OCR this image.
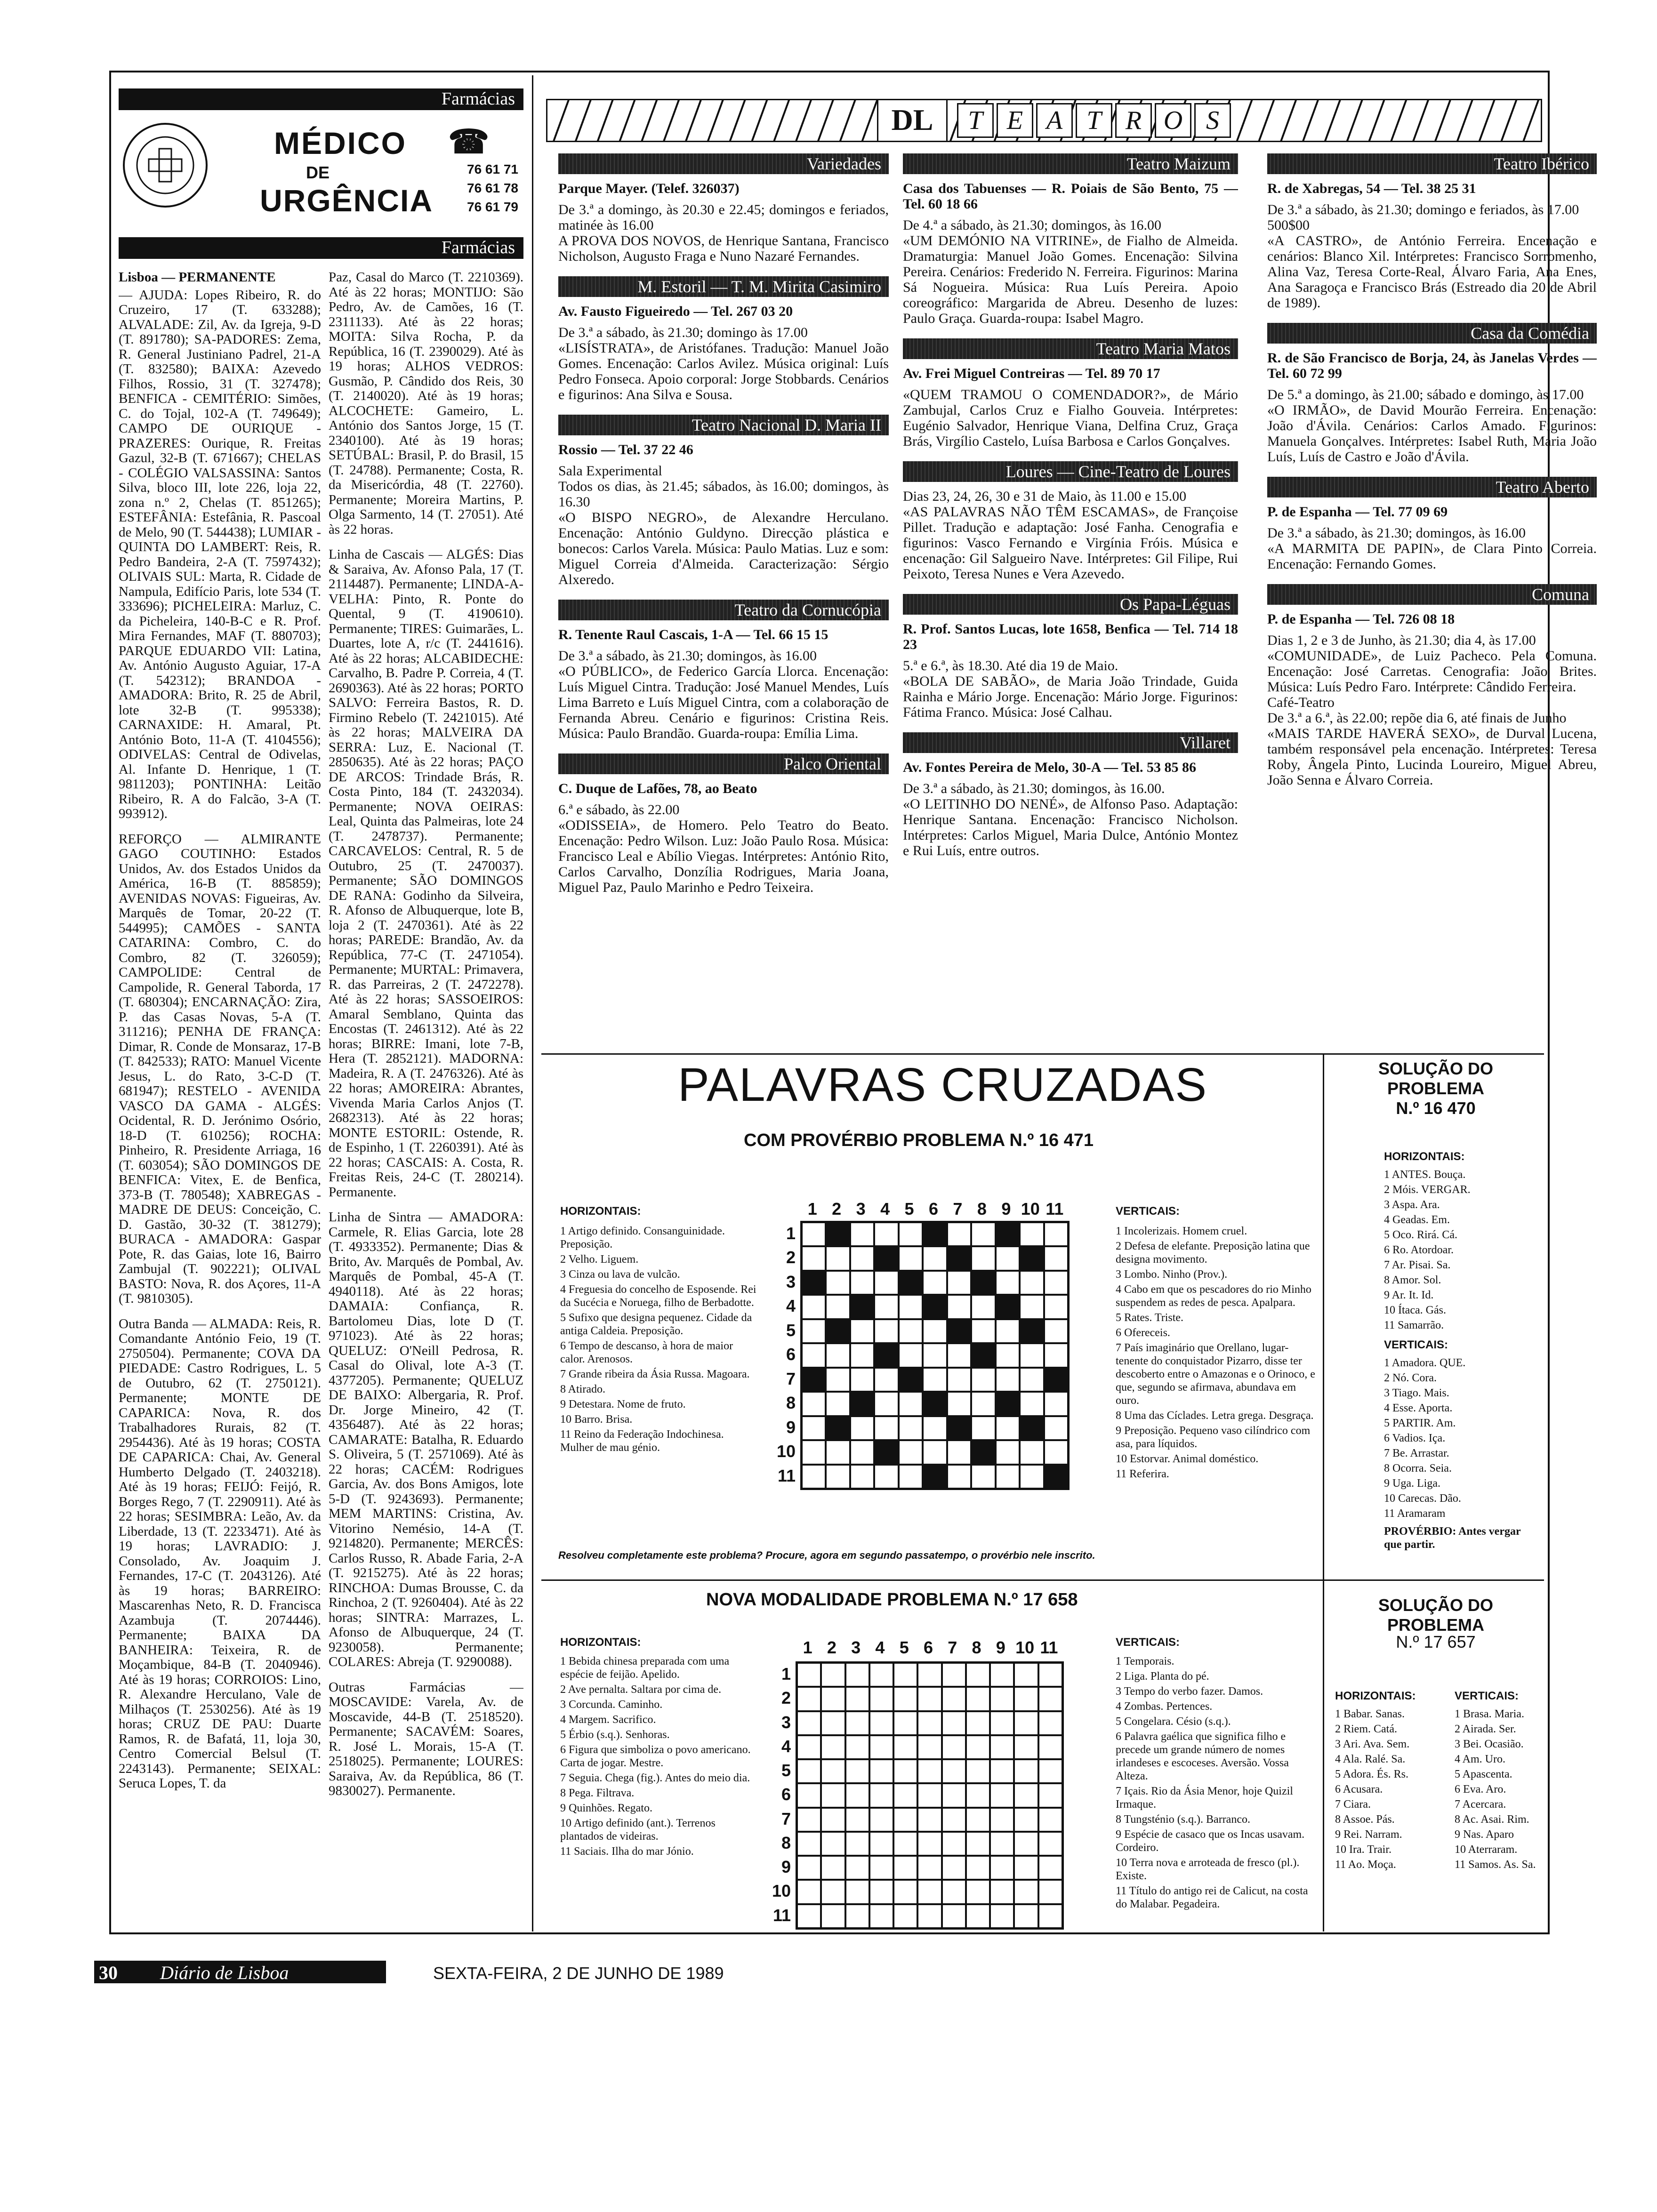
Farmácias
MÉDICO ☎
DE
URGÊNCIA
76 61 71
76 61 78
76 61 79
Farmácias

Lisboa — PERMANENTE

— AJUDA: Lopes Ribeiro, R. do Cruzeiro, 17 (T. 633288); ALVALADE: Zil, Av. da Igreja, 9-D (T. 891780); SA-PADORES: Zema, R. General Justiniano Padrel, 21-A (T. 832580); BAIXA: Azevedo Filhos, Rossio, 31 (T. 327478); BENFICA - CEMITÉRIO: Simões, C. do Tojal, 102-A (T. 749649); CAMPO DE OURIQUE - PRAZERES: Ourique, R. Freitas Gazul, 32-B (T. 671667); CHELAS - COLÉGIO VALSASSINA: Santos Silva, bloco III, lote 226, loja 22, zona n.º 2, Chelas (T. 851265); ESTEFÂNIA: Estefânia, R. Pascoal de Melo, 90 (T. 544438); LUMIAR - QUINTA DO LAMBERT: Reis, R. Pedro Bandeira, 2-A (T. 7597432); OLIVAIS SUL: Marta, R. Cidade de Nampula, Edifício Paris, lote 534 (T. 333696); PICHELEIRA: Marluz, C. da Picheleira, 140-B-C e R. Prof. Mira Fernandes, MAF (T. 880703); PARQUE EDUARDO VII: Latina, Av. António Augusto Aguiar, 17-A (T. 542312); BRANDOA - AMADORA: Brito, R. 25 de Abril, lote 32-B (T. 995338); CARNAXIDE: H. Amaral, Pt. António Boto, 11-A (T. 4104556); ODIVELAS: Central de Odivelas, Al. Infante D. Henrique, 1 (T. 9811203); PONTINHA: Leitão Ribeiro, R. A do Falcão, 3-A (T. 993912).

REFORÇO — ALMIRANTE GAGO COUTINHO: Estados Unidos, Av. dos Estados Unidos da América, 16-B (T. 885859); AVENIDAS NOVAS: Figueiras, Av. Marquês de Tomar, 20-22 (T. 544995); CAMÕES - SANTA CATARINA: Combro, C. do Combro, 82 (T. 326059); CAMPOLIDE: Central de Campolide, R. General Taborda, 17 (T. 680304); ENCARNAÇÃO: Zira, P. das Casas Novas, 5-A (T. 311216); PENHA DE FRANÇA: Dimar, R. Conde de Monsaraz, 17-B (T. 842533); RATO: Manuel Vicente Jesus, L. do Rato, 3-C-D (T. 681947); RESTELO - AVENIDA VASCO DA GAMA - ALGÉS: Ocidental, R. D. Jerónimo Osório, 18-D (T. 610256); ROCHA: Pinheiro, R. Presidente Arriaga, 16 (T. 603054); SÃO DOMINGOS DE BENFICA: Vitex, E. de Benfica, 373-B (T. 780548); XABREGAS - MADRE DE DEUS: Conceição, C. D. Gastão, 30-32 (T. 381279); BURACA - AMADORA: Gaspar Pote, R. das Gaias, lote 16, Bairro Zambujal (T. 902221); OLIVAL BASTO: Nova, R. dos Açores, 11-A (T. 9810305).

Outra Banda — ALMADA: Reis, R. Comandante António Feio, 19 (T. 2750504). Permanente; COVA DA PIEDADE: Castro Rodrigues, L. 5 de Outubro, 62 (T. 2750121). Permanente; MONTE DE CAPARICA: Nova, R. dos Trabalhadores Rurais, 82 (T. 2954436). Até às 19 horas; COSTA DE CAPARICA: Chai, Av. General Humberto Delgado (T. 2403218). Até às 19 horas; FEIJÓ: Feijó, R. Borges Rego, 7 (T. 2290911). Até às 22 horas; SESIMBRA: Leão, Av. da Liberdade, 13 (T. 2233471). Até às 19 horas; LAVRADIO: J. Consolado, Av. Joaquim J. Fernandes, 17-C (T. 2043126). Até às 19 horas; BARREIRO: Mascarenhas Neto, R. D. Francisca Azambuja (T. 2074446). Permanente; BAIXA DA BANHEIRA: Teixeira, R. de Moçambique, 84-B (T. 2040946). Até às 19 horas; CORROIOS: Lino, R. Alexandre Herculano, Vale de Milhaços (T. 2530256). Até às 19 horas; CRUZ DE PAU: Duarte Ramos, R. de Bafatá, 11, loja 30, Centro Comercial Belsul (T. 2243143). Permanente; SEIXAL: Seruca Lopes, T. da

Paz, Casal do Marco (T. 2210369). Até às 22 horas; MONTIJO: São Pedro, Av. de Camões, 16 (T. 2311133). Até às 22 horas; MOITA: Silva Rocha, P. da República, 16 (T. 2390029). Até às 19 horas; ALHOS VEDROS: Gusmão, P. Cândido dos Reis, 30 (T. 2140020). Até às 19 horas; ALCOCHETE: Gameiro, L. António dos Santos Jorge, 15 (T. 2340100). Até às 19 horas; SETÚBAL: Brasil, P. do Brasil, 15 (T. 24788). Permanente; Costa, R. da Misericórdia, 48 (T. 22760). Permanente; Moreira Martins, P. Olga Sarmento, 14 (T. 27051). Até às 22 horas.

Linha de Cascais — ALGÉS: Dias & Saraiva, Av. Afonso Pala, 17 (T. 2114487). Permanente; LINDA-A-VELHA: Pinto, R. Ponte do Quental, 9 (T. 4190610). Permanente; TIRES: Guimarães, L. Duartes, lote A, r/c (T. 2441616). Até às 22 horas; ALCABIDECHE: Carvalho, B. Padre P. Correia, 4 (T. 2690363). Até às 22 horas; PORTO SALVO: Ferreira Bastos, R. D. Firmino Rebelo (T. 2421015). Até às 22 horas; MALVEIRA DA SERRA: Luz, E. Nacional (T. 2850635). Até às 22 horas; PAÇO DE ARCOS: Trindade Brás, R. Costa Pinto, 184 (T. 2432034). Permanente; NOVA OEIRAS: Leal, Quinta das Palmeiras, lote 24 (T. 2478737). Permanente; CARCAVELOS: Central, R. 5 de Outubro, 25 (T. 2470037). Permanente; SÃO DOMINGOS DE RANA: Godinho da Silveira, R. Afonso de Albuquerque, lote B, loja 2 (T. 2470361). Até às 22 horas; PAREDE: Brandão, Av. da República, 77-C (T. 2471054). Permanente; MURTAL: Primavera, R. das Parreiras, 2 (T. 2472278). Até às 22 horas; SASSOEIROS: Amaral Semblano, Quinta das Encostas (T. 2461312). Até às 22 horas; BIRRE: Imani, lote 7-B, Hera (T. 2852121). MADORNA: Madeira, R. A (T. 2476326). Até às 22 horas; AMOREIRA: Abrantes, Vivenda Maria Carlos Anjos (T. 2682313). Até às 22 horas; MONTE ESTORIL: Ostende, R. de Espinho, 1 (T. 2260391). Até às 22 horas; CASCAIS: A. Costa, R. Freitas Reis, 24-C (T. 280214). Permanente.

Linha de Sintra — AMADORA: Carmele, R. Elias Garcia, lote 28 (T. 4933352). Permanente; Dias & Brito, Av. Marquês de Pombal, Av. Marquês de Pombal, 45-A (T. 4940118). Até às 22 horas; DAMAIA: Confiança, R. Bartolomeu Dias, lote D (T. 971023). Até às 22 horas; QUELUZ: O'Neill Pedrosa, R. Casal do Olival, lote A-3 (T. 4377205). Permanente; QUELUZ DE BAIXO: Albergaria, R. Prof. Dr. Jorge Mineiro, 42 (T. 4356487). Até às 22 horas; CAMARATE: Batalha, R. Eduardo S. Oliveira, 5 (T. 2571069). Até às 22 horas; CACÉM: Rodrigues Garcia, Av. dos Bons Amigos, lote 5-D (T. 9243693). Permanente; MEM MARTINS: Cristina, Av. Vitorino Nemésio, 14-A (T. 9214820). Permanente; MERCÊS: Carlos Russo, R. Abade Faria, 2-A (T. 9215275). Até às 22 horas; RINCHOA: Dumas Brousse, C. da Rinchoa, 2 (T. 9260404). Até às 22 horas; SINTRA: Marrazes, L. Afonso de Albuquerque, 24 (T. 9230058). Permanente; COLARES: Abreja (T. 9290088).

Outras Farmácias — MOSCAVIDE: Varela, Av. de Moscavide, 44-B (T. 2518520). Permanente; SACAVÉM: Soares, R. José L. Morais, 15-A (T. 2518025). Permanente; LOURES: Saraiva, Av. da República, 86 (T. 9830027). Permanente.

DL	T E A T R O S
Variedades

Parque Mayer. (Telef. 326037)

De 3.ª a domingo, às 20.30 e 22.45; domingos e feriados, matinée às 16.00
A PROVA DOS NOVOS, de Henrique Santana, Francisco Nicholson, Augusto Fraga e Nuno Nazaré Fernandes.

M. Estoril — T. M. Mirita Casimiro

Av. Fausto Figueiredo — Tel. 267 03 20

De 3.ª a sábado, às 21.30; domingo às 17.00
«LISÍSTRATA», de Aristófanes. Tradução: Manuel João Gomes. Encenação: Carlos Avilez. Música original: Luís Pedro Fonseca. Apoio corporal: Jorge Stobbards. Cenários e figurinos: Ana Silva e Sousa.

Teatro Nacional D. Maria II

Rossio — Tel. 37 22 46

Sala Experimental
Todos os dias, às 21.45; sábados, às 16.00; domingos, às 16.30
«O BISPO NEGRO», de Alexandre Herculano. Encenação: António Guldyno. Direcção plástica e bonecos: Carlos Varela. Música: Paulo Matias. Luz e som: Miguel Correia d'Almeida. Caracterização: Sérgio Alxeredo.

Teatro da Cornucópia

R. Tenente Raul Cascais, 1-A — Tel. 66 15 15

De 3.ª a sábado, às 21.30; domingos, às 16.00
«O PÚBLICO», de Federico García Llorca. Encenação: Luís Miguel Cintra. Tradução: José Manuel Mendes, Luís Lima Barreto e Luís Miguel Cintra, com a colaboração de Fernanda Abreu. Cenário e figurinos: Cristina Reis. Música: Paulo Brandão. Guarda-roupa: Emília Lima.

Palco Oriental

C. Duque de Lafões, 78, ao Beato

6.ª e sábado, às 22.00
«ODISSEIA», de Homero. Pelo Teatro do Beato. Encenação: Pedro Wilson. Luz: João Paulo Rosa. Música: Francisco Leal e Abílio Viegas. Intérpretes: António Rito, Carlos Carvalho, Donzília Rodrigues, Maria Joana, Miguel Paz, Paulo Marinho e Pedro Teixeira.

Teatro Maizum

Casa dos Tabuenses — R. Poiais de São Bento, 75 — Tel. 60 18 66

De 4.ª a sábado, às 21.30; domingos, às 16.00
«UM DEMÓNIO NA VITRINE», de Fialho de Almeida. Dramaturgia: Manuel João Gomes. Encenação: Silvina Pereira. Cenários: Frederido N. Ferreira. Figurinos: Marina Sá Nogueira. Música: Rua Luís Pereira. Apoio coreográfico: Margarida de Abreu. Desenho de luzes: Paulo Graça. Guarda-roupa: Isabel Magro.

Teatro Maria Matos

Av. Frei Miguel Contreiras — Tel. 89 70 17

«QUEM TRAMOU O COMENDADOR?», de Mário Zambujal, Carlos Cruz e Fialho Gouveia. Intérpretes: Eugénio Salvador, Henrique Viana, Delfina Cruz, Graça Brás, Virgílio Castelo, Luísa Barbosa e Carlos Gonçalves.

Loures — Cine-Teatro de Loures

Dias 23, 24, 26, 30 e 31 de Maio, às 11.00 e 15.00
«AS PALAVRAS NÃO TÊM ESCAMAS», de Françoise Pillet. Tradução e adaptação: José Fanha. Cenografia e figurinos: Vasco Fernando e Virgínia Fróis. Música e encenação: Gil Salgueiro Nave. Intérpretes: Gil Filipe, Rui Peixoto, Teresa Nunes e Vera Azevedo.

Os Papa-Léguas

R. Prof. Santos Lucas, lote 1658, Benfica — Tel. 714 18 23

5.ª e 6.ª, às 18.30. Até dia 19 de Maio.
«BOLA DE SABÃO», de Maria João Trindade, Guida Rainha e Mário Jorge. Encenação: Mário Jorge. Figurinos: Fátima Franco. Música: José Calhau.

Villaret

Av. Fontes Pereira de Melo, 30-A — Tel. 53 85 86

De 3.ª a sábado, às 21.30; domingos, às 16.00.
«O LEITINHO DO NENÉ», de Alfonso Paso. Adaptação: Henrique Santana. Encenação: Francisco Nicholson. Intérpretes: Carlos Miguel, Maria Dulce, António Montez e Rui Luís, entre outros.

Teatro Ibérico

R. de Xabregas, 54 — Tel. 38 25 31

De 3.ª a sábado, às 21.30; domingo e feriados, às 17.00
500$00
«A CASTRO», de António Ferreira. Encenação e cenários: Blanco Xil. Intérpretes: Francisco Sorromenho, Alina Vaz, Teresa Corte-Real, Álvaro Faria, Ana Enes, Ana Saragoça e Francisco Brás (Estreado dia 20 de Abril de 1989).

Casa da Comédia

R. de São Francisco de Borja, 24, às Janelas Verdes — Tel. 60 72 99

De 5.ª a domingo, às 21.00; sábado e domingo, às 17.00
«O IRMÃO», de David Mourão Ferreira. Encenação: João d'Ávila. Cenários: Carlos Amado. Figurinos: Manuela Gonçalves. Intérpretes: Isabel Ruth, Maria João Luís, Luís de Castro e João d'Ávila.

Teatro Aberto

P. de Espanha — Tel. 77 09 69

De 3.ª a sábado, às 21.30; domingos, às 16.00
«A MARMITA DE PAPIN», de Clara Pinto Correia. Encenação: Fernando Gomes.

Comuna

P. de Espanha — Tel. 726 08 18

Dias 1, 2 e 3 de Junho, às 21.30; dia 4, às 17.00
«COMUNIDADE», de Luiz Pacheco. Pela Comuna. Encenação: José Carretas. Cenografia: João Brites. Música: Luís Pedro Faro. Intérprete: Cândido Ferreira.
Café-Teatro
De 3.ª a 6.ª, às 22.00; repõe dia 6, até finais de Junho
«MAIS TARDE HAVERÁ SEXO», de Durval Lucena, também responsável pela encenação. Intérpretes: Teresa Roby, Ângela Pinto, Lucinda Loureiro, Miguel Abreu, João Senna e Álvaro Correia.

PALAVRAS CRUZADAS
COM PROVÉRBIO PROBLEMA N.º 16 471
HORIZONTAIS:
1 Artigo definido. Consanguinidade. Preposição.
2 Velho. Liguem.
3 Cinza ou lava de vulcão.
4 Freguesia do concelho de Esposende. Rei da Sucécia e Noruega, filho de Berbadotte.
5 Sufixo que designa pequenez. Cidade da antiga Caldeia. Preposição.
6 Tempo de descanso, à hora de maior calor. Arenosos.
7 Grande ribeira da Ásia Russa. Magoara.
8 Atirado.
9 Detestara. Nome de fruto.
10 Barro. Brisa.
11 Reino da Federação Indochinesa. Mulher de mau génio.
1 2 3 4 5 6 7 8 9 10 11
1
2
3
4
5
6
7
8
9
10
11
VERTICAIS:
1 Incolerizais. Homem cruel.
2 Defesa de elefante. Preposição latina que designa movimento.
3 Lombo. Ninho (Prov.).
4 Cabo em que os pescadores do rio Minho suspendem as redes de pesca. Apalpara.
5 Rates. Triste.
6 Ofereceis.
7 País imaginário que Orellano, lugar-tenente do conquistador Pizarro, disse ter descoberto entre o Amazonas e o Orinoco, e que, segundo se afirmava, abundava em ouro.
8 Uma das Cíclades. Letra grega. Desgraça.
9 Preposição. Pequeno vaso cilíndrico com asa, para líquidos.
10 Estorvar. Animal doméstico.
11 Referira.
Resolveu completamente este problema? Procure, agora em segundo passatempo, o provérbio nele inscrito.
SOLUÇÃO DO PROBLEMA
N.º 16 470
HORIZONTAIS:
1 ANTES. Bouça.
2 Móis. VERGAR.
3 Aspa. Ara.
4 Geadas. Em.
5 Oco. Rirá. Cá.
6 Ro. Atordoar.
7 Ar. Pisai. Sa.
8 Amor. Sol.
9 Ar. It. Id.
10 Ítaca. Gás.
11 Samarrão.
VERTICAIS:
1 Amadora. QUE.
2 Nó. Cora.
3 Tiago. Mais.
4 Esse. Aporta.
5 PARTIR. Am.
6 Vadios. Iça.
7 Be. Arrastar.
8 Ocorra. Seia.
9 Uga. Liga.
10 Carecas. Dão.
11 Aramaram
PROVÉRBIO: Antes vergar que partir.
NOVA MODALIDADE PROBLEMA N.º 17 658
HORIZONTAIS:
1 Bebida chinesa preparada com uma espécie de feijão. Apelido.
2 Ave pernalta. Saltara por cima de.
3 Corcunda. Caminho.
4 Margem. Sacrifico.
5 Érbio (s.q.). Senhoras.
6 Figura que simboliza o povo americano. Carta de jogar. Mestre.
7 Seguia. Chega (fig.). Antes do meio dia.
8 Pega. Filtrava.
9 Quinhões. Regato.
10 Artigo definido (ant.). Terrenos plantados de videiras.
11 Saciais. Ilha do mar Jónio.
1 2 3 4 5 6 7 8 9 10 11
1
2
3
4
5
6
7
8
9
10
11
VERTICAIS:
1 Temporais.
2 Liga. Planta do pé.
3 Tempo do verbo fazer. Damos.
4 Zombas. Pertences.
5 Congelara. Césio (s.q.).
6 Palavra gaélica que significa filho e precede um grande número de nomes irlandeses e escoceses. Aversão. Vossa Alteza.
7 Içais. Rio da Ásia Menor, hoje Quizil Irmaque.
8 Tungsténio (s.q.). Barranco.
9 Espécie de casaco que os Incas usavam. Cordeiro.
10 Terra nova e arroteada de fresco (pl.). Existe.
11 Título do antigo rei de Calicut, na costa do Malabar. Pegadeira.
SOLUÇÃO DO PROBLEMA
N.º 17 657
HORIZONTAIS:
1 Babar. Sanas.
2 Riem. Catá.
3 Ari. Ava. Sem.
4 Ala. Ralé. Sa.
5 Adora. És. Rs.
6 Acusara.
7 Ciara.
8 Assoe. Pás.
9 Rei. Narram.
10 Ira. Trair.
11 Ao. Moça.
VERTICAIS:
1 Brasa. Maria.
2 Airada. Ser.
3 Bei. Ocasião.
4 Am. Uro.
5 Apascenta.
6 Eva. Aro.
7 Acercara.
8 Ac. Asai. Rim.
9 Nas. Aparo
10 Aterraram.
11 Samos. As. Sa.
30 Diário de Lisboa	SEXTA-FEIRA, 2 DE JUNHO DE 1989
